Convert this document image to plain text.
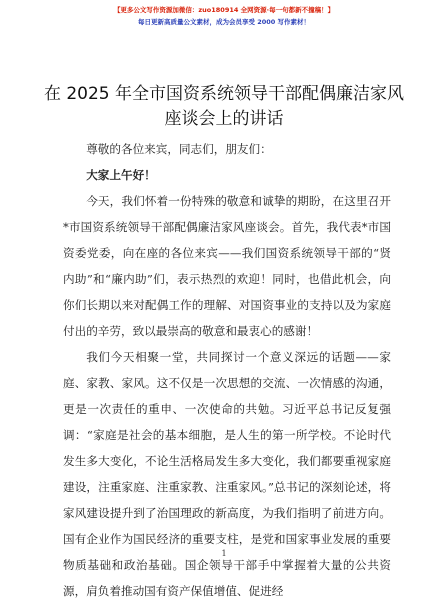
【更多公文写作资源加微信：zuo180914 全网资源·每一句都新不撞稿！】
每日更新高质量公文素材，成为会员享受 2000 写作素材！
在 2025 年全市国资系统领导干部配偶廉洁家风座谈会上的讲话

尊敬的各位来宾，同志们，朋友们：

大家上午好！

今天，我们怀着一份特殊的敬意和诚挚的期盼，在这里召开*市国资系统领导干部配偶廉洁家风座谈会。首先，我代表*市国资委党委，向在座的各位来宾——我们国资系统领导干部的“贤内助”和“廉内助”们，表示热烈的欢迎！同时，也借此机会，向你们长期以来对配偶工作的理解、对国资事业的支持以及为家庭付出的辛劳，致以最崇高的敬意和最衷心的感谢！

我们今天相聚一堂，共同探讨一个意义深远的话题——家庭、家教、家风。这不仅是一次思想的交流、一次情感的沟通，更是一次责任的重申、一次使命的共勉。习近平总书记反复强调：“家庭是社会的基本细胞，是人生的第一所学校。不论时代发生多大变化，不论生活格局发生多大变化，我们都要重视家庭建设，注重家庭、注重家教、注重家风。”总书记的深刻论述，将家风建设提升到了治国理政的新高度，为我们指明了前进方向。国有企业作为国民经济的重要支柱，是党和国家事业发展的重要物质基础和政治基础。国企领导干部手中掌握着大量的公共资源，肩负着推动国有资产保值增值、促进经

1
